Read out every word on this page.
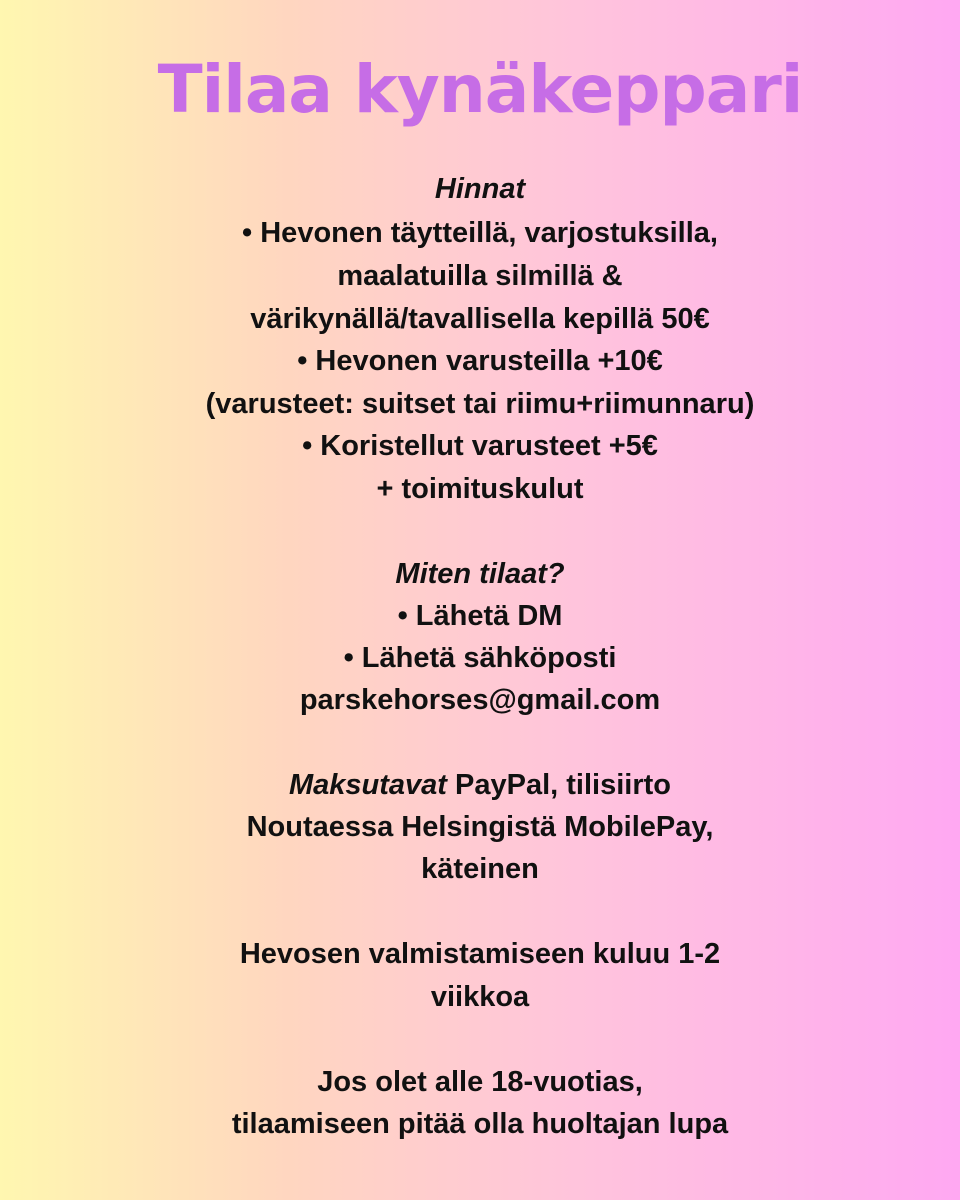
Tilaa kynäkeppari

Hinnat

• Hevonen täytteillä, varjostuksilla,

maalatuilla silmillä &

värikynällä/tavallisella kepillä 50€

• Hevonen varusteilla +10€

(varusteet: suitset tai riimu+riimunnaru)

• Koristellut varusteet +5€

+ toimituskulut

Miten tilaat?

• Lähetä DM

• Lähetä sähköposti

parskehorses@gmail.com

Maksutavat PayPal, tilisiirto

Noutaessa Helsingistä MobilePay,

käteinen

Hevosen valmistamiseen kuluu 1-2

viikkoa

Jos olet alle 18-vuotias,

tilaamiseen pitää olla huoltajan lupa
